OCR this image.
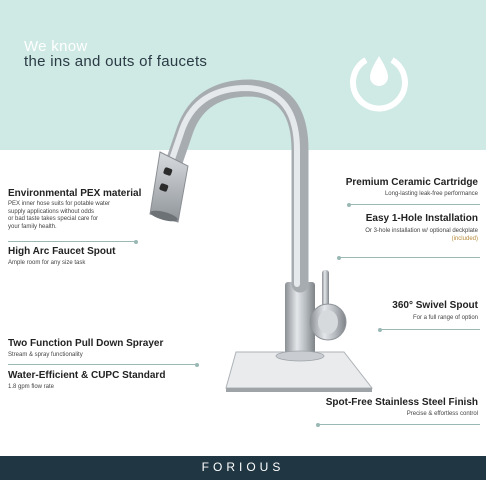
We know
the ins and outs of faucets
Environmental PEX material
PEX inner hose suits for potable water
supply applications without odds
or bad taste takes special care for
your family health.
High Arc Faucet Spout
Ample room for any size task
Two Function Pull Down Sprayer
Stream & spray functionality
Water-Efficient & CUPC Standard
1.8 gpm flow rate
Premium Ceramic Cartridge
Long-lasting leak-free performance
Easy 1-Hole Installation
Or 3-hole installation w/ optional deckplate
(included)
360° Swivel Spout
For a full range of option
Spot-Free Stainless Steel Finish
Precise & effortless control
FORIOUS
